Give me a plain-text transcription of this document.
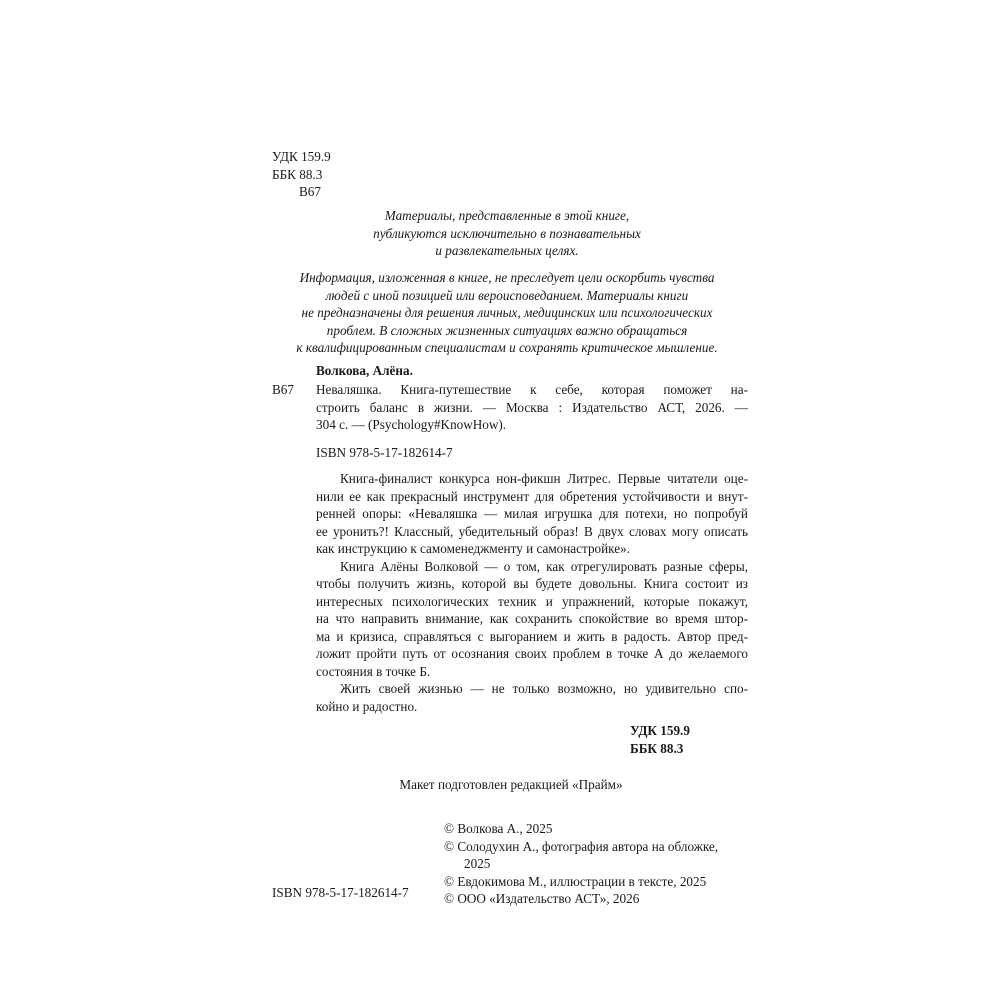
УДК 159.9
ББК 88.3
В67
Материалы, представленные в этой книге,
публикуются исключительно в познавательных
и развлекательных целях.
Информация, изложенная в книге, не преследует цели оскорбить чувства
людей с иной позицией или вероисповеданием. Материалы книги
не предназначены для решения личных, медицинских или психологических
проблем. В сложных жизненных ситуациях важно обращаться
к квалифицированным специалистам и сохранять критическое мышление.
Волкова, Алёна.
В67 Неваляшка. Книга-путешествие к себе, которая поможет на-
строить баланс в жизни. — Москва : Издательство АСТ, 2026. —
304 с. — (Psychology#KnowHow).
ISBN 978-5-17-182614-7

Книга-финалист конкурса нон-фикшн Литрес. Первые читатели оце-
нили ее как прекрасный инструмент для обретения устойчивости и внут-
ренней опоры: «Неваляшка — милая игрушка для потехи, но попробуй
ее уронить?! Классный, убедительный образ! В двух словах могу описать
как инструкцию к самоменеджменту и самонастройке».

Книга Алёны Волковой — о том, как отрегулировать разные сферы,
чтобы получить жизнь, которой вы будете довольны. Книга состоит из
интересных психологических техник и упражнений, которые покажут,
на что направить внимание, как сохранить спокойствие во время штор-
ма и кризиса, справляться с выгоранием и жить в радость. Автор пред-
ложит пройти путь от осознания своих проблем в точке А до желаемого
состояния в точке Б.

Жить своей жизнью — не только возможно, но удивительно спо-
койно и радостно.

УДК 159.9
ББК 88.3
Макет подготовлен редакцией «Прайм»
© Волкова А., 2025
© Солодухин А., фотография автора на обложке,
2025
© Евдокимова М., иллюстрации в тексте, 2025
© ООО «Издательство АСТ», 2026
ISBN 978-5-17-182614-7
